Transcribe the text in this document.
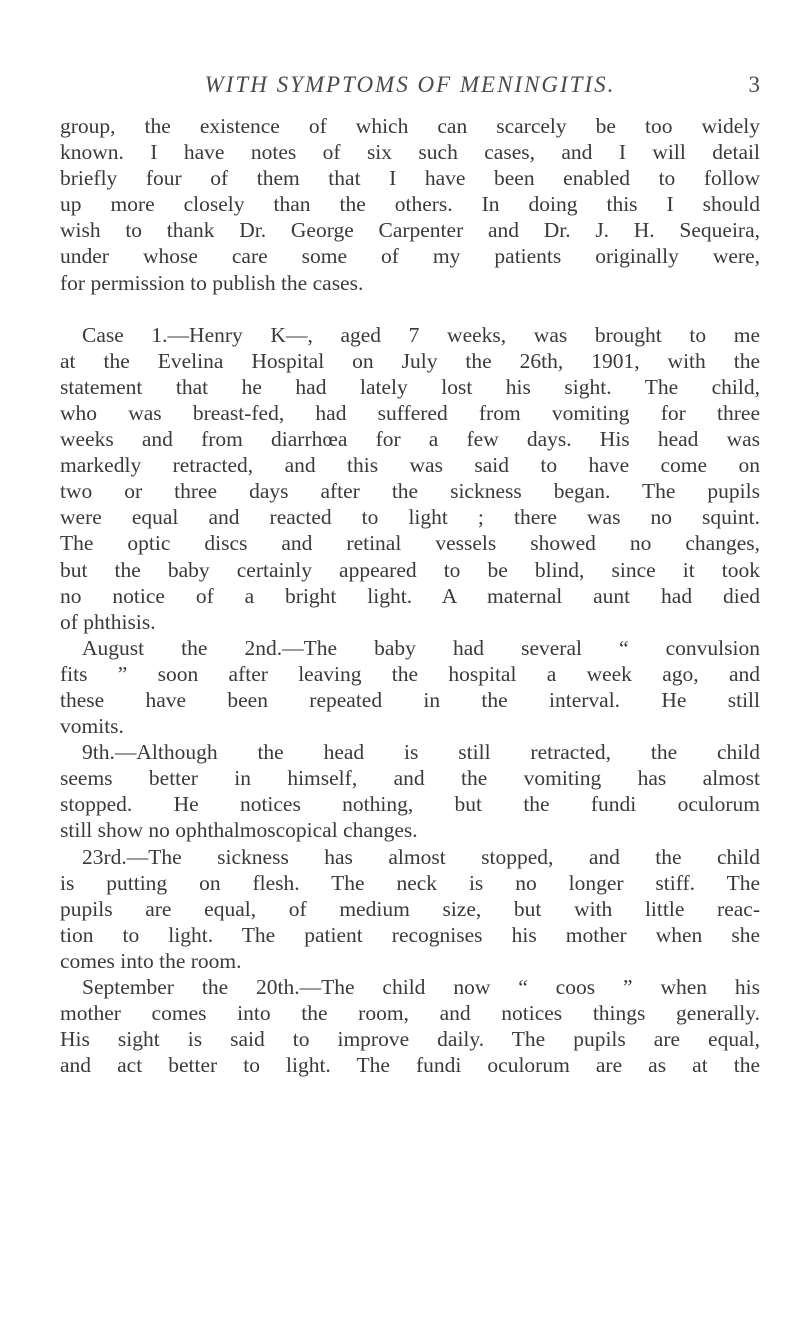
WITH SYMPTOMS OF MENINGITIS.	3
group, the existence of which can scarcely be too widely
known. I have notes of six such cases, and I will detail
briefly four of them that I have been enabled to follow
up more closely than the others. In doing this I should
wish to thank Dr. George Carpenter and Dr. J. H. Sequeira,
under whose care some of my patients originally were,
for permission to publish the cases.
Case 1.—Henry K—, aged 7 weeks, was brought to me
at the Evelina Hospital on July the 26th, 1901, with the
statement that he had lately lost his sight. The child,
who was breast-fed, had suffered from vomiting for three
weeks and from diarrhœa for a few days. His head was
markedly retracted, and this was said to have come on
two or three days after the sickness began. The pupils
were equal and reacted to light ; there was no squint.
The optic discs and retinal vessels showed no changes,
but the baby certainly appeared to be blind, since it took
no notice of a bright light. A maternal aunt had died
of phthisis.
August the 2nd.—The baby had several “ convulsion
fits ” soon after leaving the hospital a week ago, and
these have been repeated in the interval. He still
vomits.
9th.—Although the head is still retracted, the child
seems better in himself, and the vomiting has almost
stopped. He notices nothing, but the fundi oculorum
still show no ophthalmoscopical changes.
23rd.—The sickness has almost stopped, and the child
is putting on flesh. The neck is no longer stiff. The
pupils are equal, of medium size, but with little reac-
tion to light. The patient recognises his mother when she
comes into the room.
September the 20th.—The child now “ coos ” when his
mother comes into the room, and notices things generally.
His sight is said to improve daily. The pupils are equal,
and act better to light. The fundi oculorum are as at the
